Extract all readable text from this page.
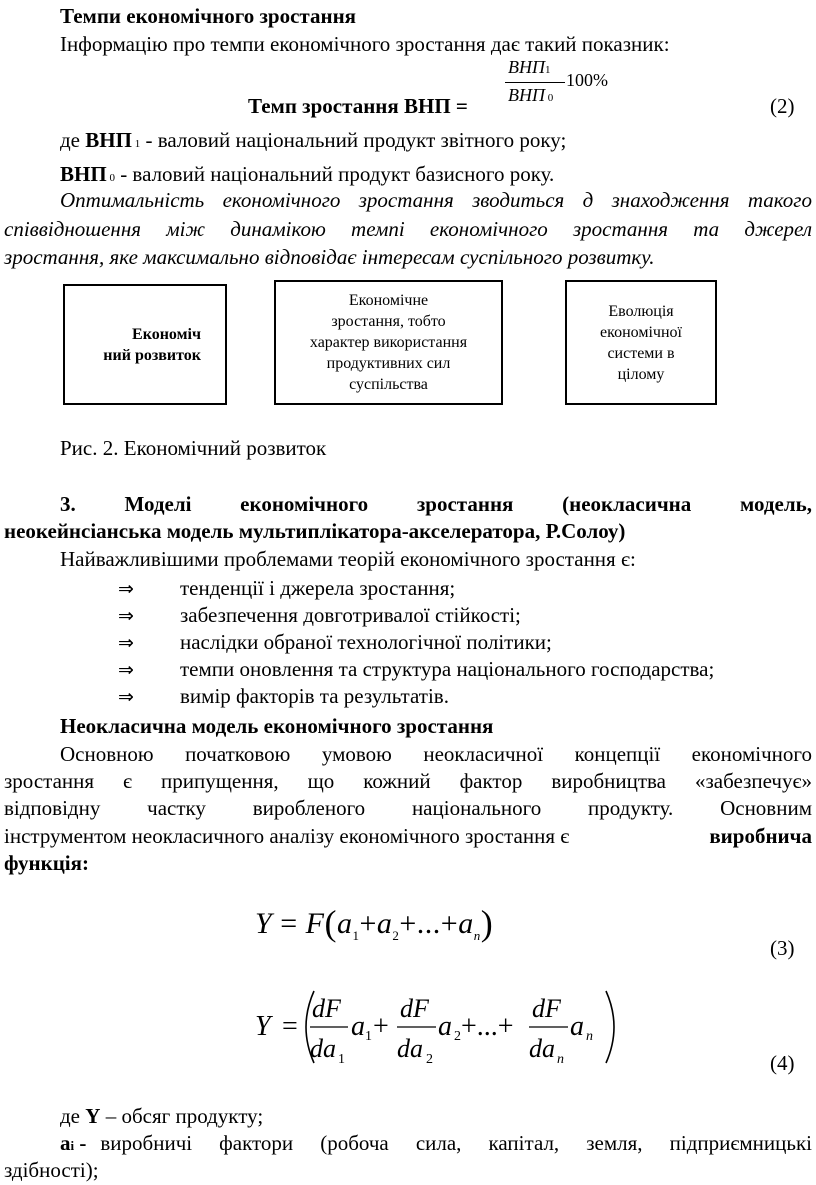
Темпи економічного зростання
Інформацію про темпи економічного зростання дає такий показник:
ВНП1 100%
ВНП 0
Темп зростання ВНП =	(2)
де ВНП 1 - валовий національний продукт звітного року;
ВНП 0 - валовий національний продукт базисного року.
Оптимальність економічного зростання зводиться д знаходження такого
співвідношення між динамікою темпі економічного зростання та джерел
зростання, яке максимально відповідає інтересам суспільного розвитку.
Економіч
ний розвиток
Економічне
зростання, тобто
характер використання
продуктивних сил
суспільства
Еволюція
економічної
системи в
цілому
Рис. 2. Економічний розвиток
3. Моделі економічного зростання (неокласична модель,
неокейнсіанська модель мультиплікатора-акселератора, Р.Солоу)
Найважливішими проблемами теорій економічного зростання є:
⇒ тенденції і джерела зростання;
⇒ забезпечення довготривалої стійкості;
⇒ наслідки обраної технологічної політики;
⇒ темпи оновлення та структура національного господарства;
⇒ вимір факторів та результатів.
Неокласична модель економічного зростання
Основною початковою умовою неокласичної концепції економічного
зростання є припущення, що кожний фактор виробництва «забезпечує»
відповідну частку виробленого національного продукту. Основним
інструментом неокласичного аналізу економічного зростання є	виробнича
функція:
$Y = F(a_1+a_2+...+a_n)$
(3)
Y =
dF
da 1
a 1 +
dF
da 2
a 2 +...+
dF
da n
a n
(4)
де Y – обсяг продукту;
ai - виробничі фактори (робоча сила, капітал, земля, підприємницькі
здібності);
